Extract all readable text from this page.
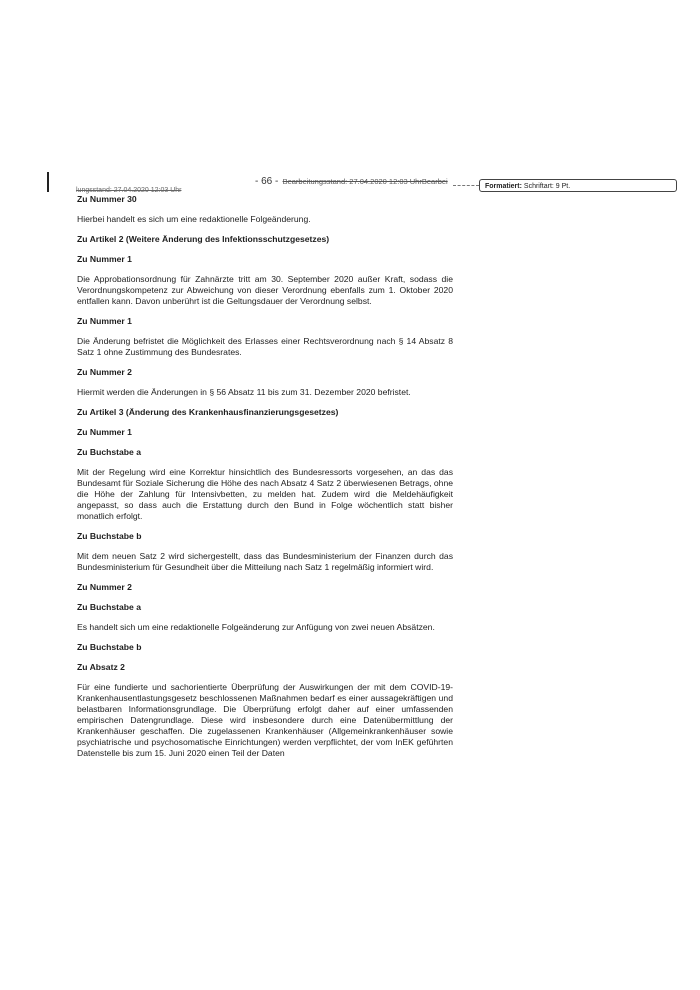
lungsstand: 27.04.2020 12:03 Uhr
- 66 - Bearbeitungsstand: 27.04.2020 12:03 UhrBearbei
Formatiert: Schriftart: 9 Pt.
Zu Nummer 30
Hierbei handelt es sich um eine redaktionelle Folgeänderung.
Zu Artikel 2 (Weitere Änderung des Infektionsschutzgesetzes)
Zu Nummer 1
Die Approbationsordnung für Zahnärzte tritt am 30. September 2020 außer Kraft, sodass die Verordnungskompetenz zur Abweichung von dieser Verordnung ebenfalls zum 1. Oktober 2020 entfallen kann. Davon unberührt ist die Geltungsdauer der Verordnung selbst.
Zu Nummer 1
Die Änderung befristet die Möglichkeit des Erlasses einer Rechtsverordnung nach § 14 Absatz 8 Satz 1 ohne Zustimmung des Bundesrates.
Zu Nummer 2
Hiermit werden die Änderungen in § 56 Absatz 11 bis zum 31. Dezember 2020 befristet.
Zu Artikel 3 (Änderung des Krankenhausfinanzierungsgesetzes)
Zu Nummer 1
Zu Buchstabe a
Mit der Regelung wird eine Korrektur hinsichtlich des Bundesressorts vorgesehen, an das das Bundesamt für Soziale Sicherung die Höhe des nach Absatz 4 Satz 2 überwiesenen Betrags, ohne die Höhe der Zahlung für Intensivbetten, zu melden hat. Zudem wird die Meldehäufigkeit angepasst, so dass auch die Erstattung durch den Bund in Folge wöchentlich statt bisher monatlich erfolgt.
Zu Buchstabe b
Mit dem neuen Satz 2 wird sichergestellt, dass das Bundesministerium der Finanzen durch das Bundesministerium für Gesundheit über die Mitteilung nach Satz 1 regelmäßig informiert wird.
Zu Nummer 2
Zu Buchstabe a
Es handelt sich um eine redaktionelle Folgeänderung zur Anfügung von zwei neuen Absätzen.
Zu Buchstabe b
Zu Absatz 2
Für eine fundierte und sachorientierte Überprüfung der Auswirkungen der mit dem COVID-19-Krankenhausentlastungsgesetz beschlossenen Maßnahmen bedarf es einer aussagekräftigen und belastbaren Informationsgrundlage. Die Überprüfung erfolgt daher auf einer umfassenden empirischen Datengrundlage. Diese wird insbesondere durch eine Datenübermittlung der Krankenhäuser geschaffen. Die zugelassenen Krankenhäuser (Allgemeinkrankenhäuser sowie psychiatrische und psychosomatische Einrichtungen) werden verpflichtet, der vom InEK geführten Datenstelle bis zum 15. Juni 2020 einen Teil der Daten
